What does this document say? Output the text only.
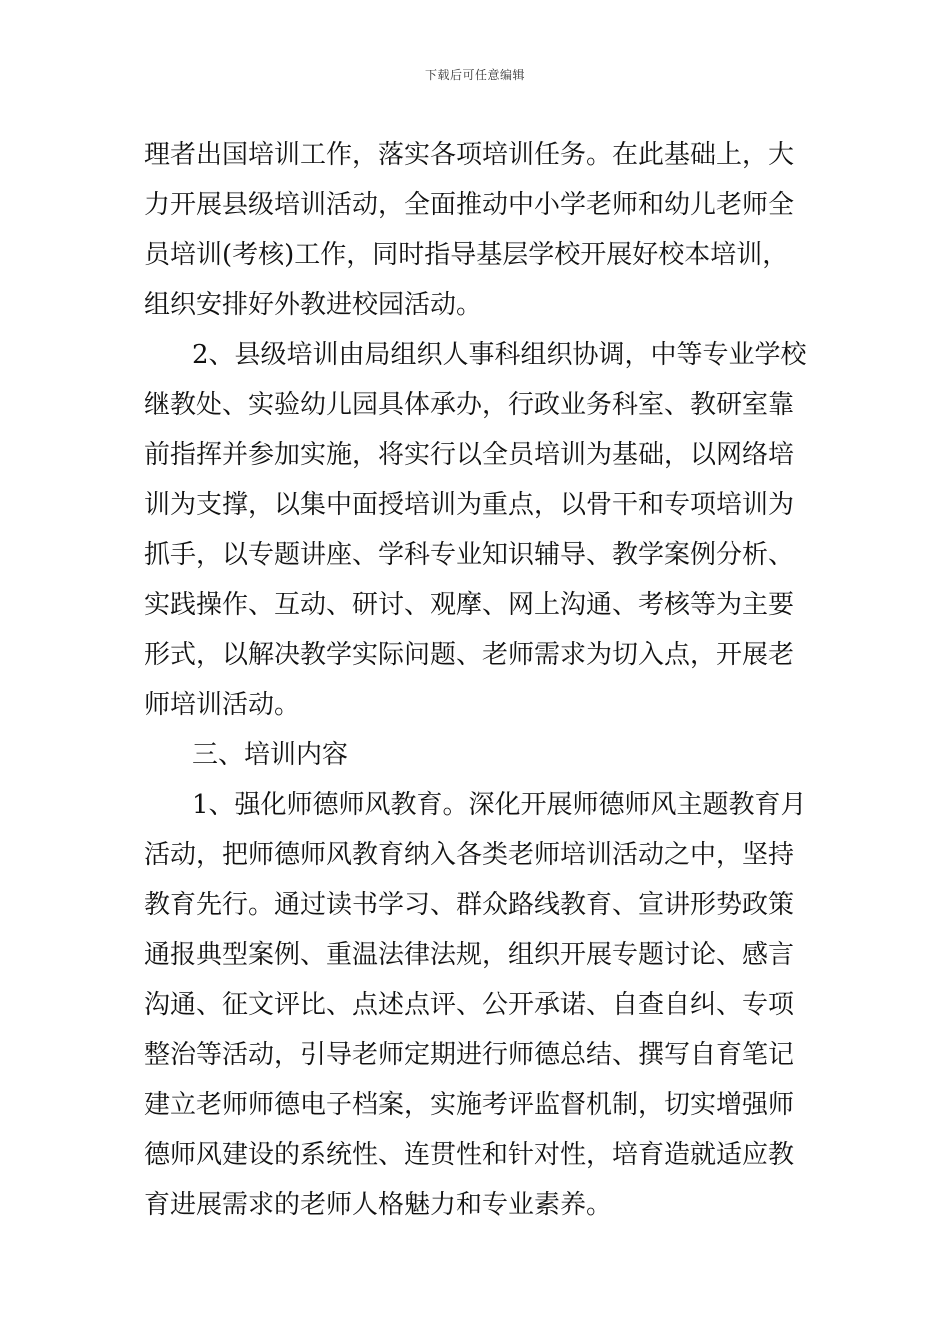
下载后可任意编辑
理者出国培训工作，落实各项培训任务。在此基础上，大
力开展县级培训活动，全面推动中小学老师和幼儿老师全
员培训(考核)工作，同时指导基层学校开展好校本培训，
组织安排好外教进校园活动。
2、县级培训由局组织人事科组织协调，中等专业学校
继教处、实验幼儿园具体承办，行政业务科室、教研室靠
前指挥并参加实施，将实行以全员培训为基础，以网络培
训为支撑，以集中面授培训为重点，以骨干和专项培训为
抓手，以专题讲座、学科专业知识辅导、教学案例分析、
实践操作、互动、研讨、观摩、网上沟通、考核等为主要
形式，以解决教学实际问题、老师需求为切入点，开展老
师培训活动。
三、培训内容
1、强化师德师风教育。深化开展师德师风主题教育月
活动，把师德师风教育纳入各类老师培训活动之中，坚持
教育先行。通过读书学习、群众路线教育、宣讲形势政策
通报典型案例、重温法律法规，组织开展专题讨论、感言
沟通、征文评比、点述点评、公开承诺、自查自纠、专项
整治等活动，引导老师定期进行师德总结、撰写自育笔记
建立老师师德电子档案，实施考评监督机制，切实增强师
德师风建设的系统性、连贯性和针对性，培育造就适应教
育进展需求的老师人格魅力和专业素养。
